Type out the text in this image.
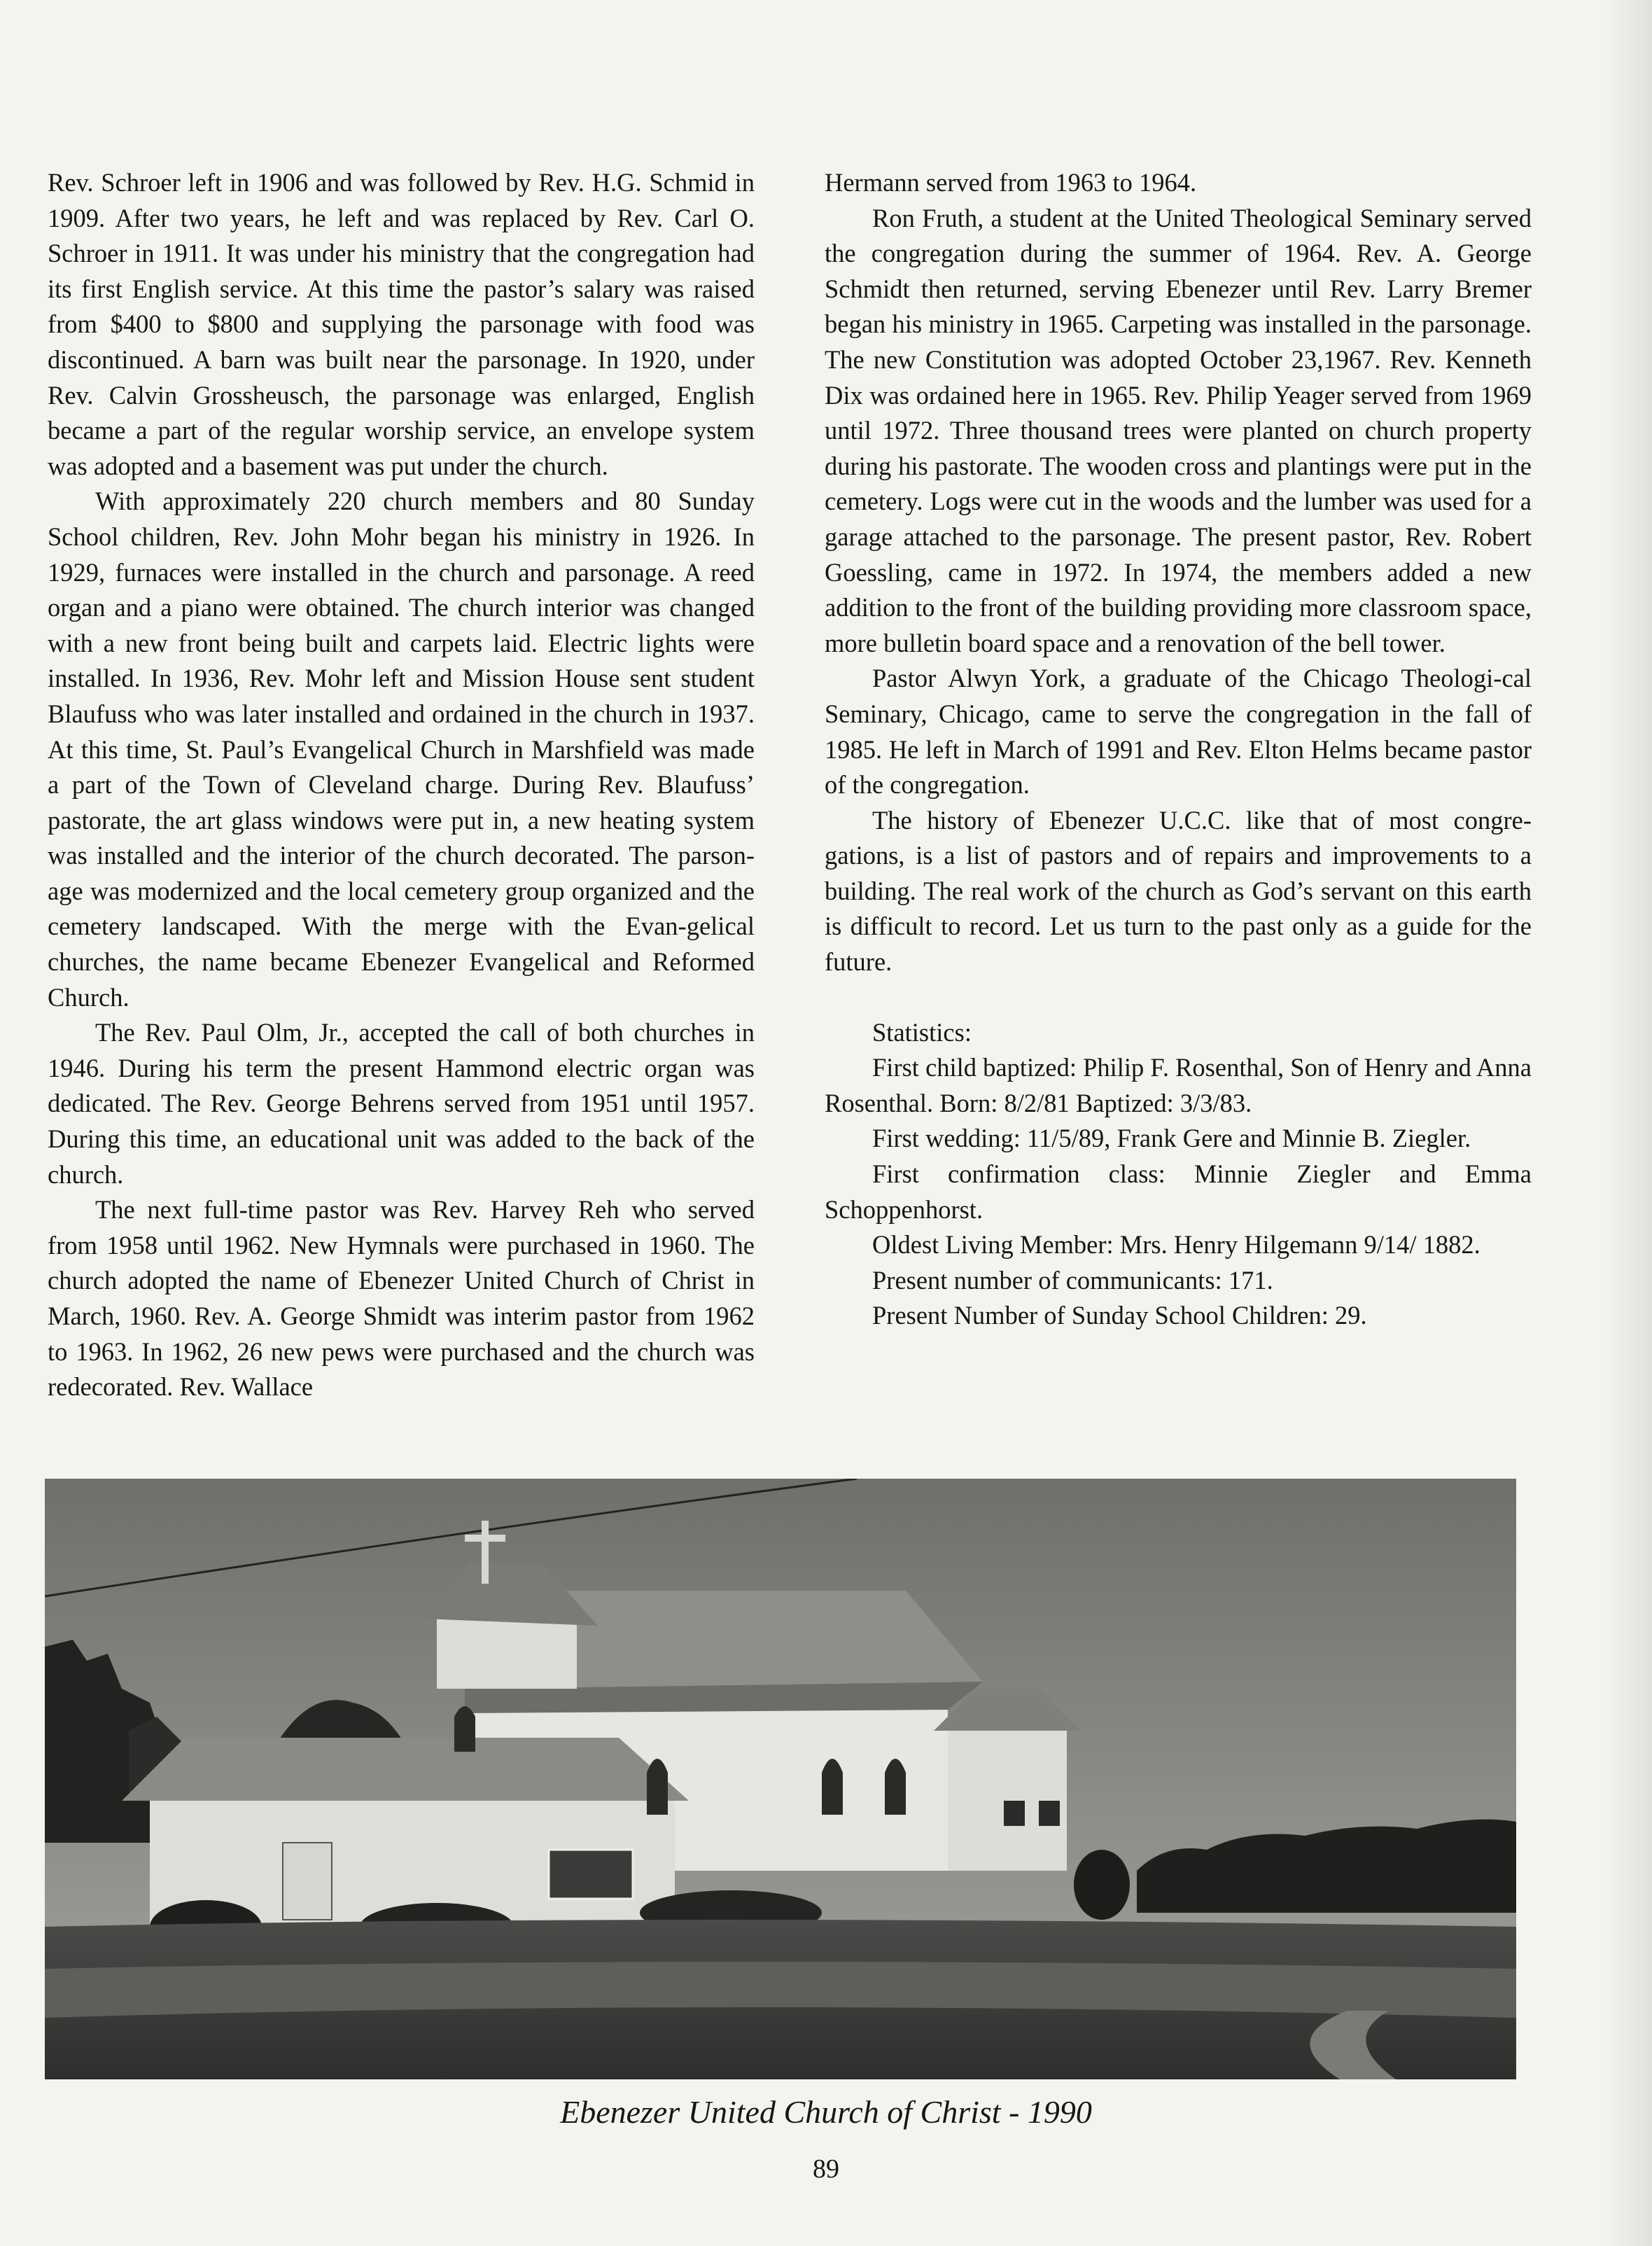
Rev. Schroer left in 1906 and was followed by Rev. H.G. Schmid in 1909. After two years, he left and was replaced by Rev. Carl O. Schroer in 1911. It was under his ministry that the congregation had its first English service. At this time the pastor’s salary was raised from $400 to $800 and supplying the parsonage with food was discontinued. A barn was built near the parsonage. In 1920, under Rev. Calvin Grossheusch, the parsonage was enlarged, English became a part of the regular worship service, an envelope system was adopted and a basement was put under the church.

With approximately 220 church members and 80 Sunday School children, Rev. John Mohr began his ministry in 1926. In 1929, furnaces were installed in the church and parsonage. A reed organ and a piano were obtained. The church interior was changed with a new front being built and carpets laid. Electric lights were installed. In 1936, Rev. Mohr left and Mission House sent student Blaufuss who was later installed and ordained in the church in 1937. At this time, St. Paul’s Evangelical Church in Marshfield was made a part of the Town of Cleveland charge. During Rev. Blaufuss’ pastorate, the art glass windows were put in, a new heating system was installed and the interior of the church decorated. The parson-age was modernized and the local cemetery group organized and the cemetery landscaped. With the merge with the Evan-gelical churches, the name became Ebenezer Evangelical and Reformed Church.

The Rev. Paul Olm, Jr., accepted the call of both churches in 1946. During his term the present Hammond electric organ was dedicated. The Rev. George Behrens served from 1951 until 1957. During this time, an educational unit was added to the back of the church.

The next full-time pastor was Rev. Harvey Reh who served from 1958 until 1962. New Hymnals were purchased in 1960. The church adopted the name of Ebenezer United Church of Christ in March, 1960. Rev. A. George Shmidt was interim pastor from 1962 to 1963. In 1962, 26 new pews were purchased and the church was redecorated. Rev. Wallace

Hermann served from 1963 to 1964.

Ron Fruth, a student at the United Theological Seminary served the congregation during the summer of 1964. Rev. A. George Schmidt then returned, serving Ebenezer until Rev. Larry Bremer began his ministry in 1965. Carpeting was installed in the parsonage. The new Constitution was adopted October 23,1967. Rev. Kenneth Dix was ordained here in 1965. Rev. Philip Yeager served from 1969 until 1972. Three thousand trees were planted on church property during his pastorate. The wooden cross and plantings were put in the cemetery. Logs were cut in the woods and the lumber was used for a garage attached to the parsonage. The present pastor, Rev. Robert Goessling, came in 1972. In 1974, the members added a new addition to the front of the building providing more classroom space, more bulletin board space and a renovation of the bell tower.

Pastor Alwyn York, a graduate of the Chicago Theologi-cal Seminary, Chicago, came to serve the congregation in the fall of 1985. He left in March of 1991 and Rev. Elton Helms became pastor of the congregation.

The history of Ebenezer U.C.C. like that of most congre-gations, is a list of pastors and of repairs and improvements to a building. The real work of the church as God’s servant on this earth is difficult to record. Let us turn to the past only as a guide for the future.

Statistics:

First child baptized: Philip F. Rosenthal, Son of Henry and Anna Rosenthal. Born: 8/2/81 Baptized: 3/3/83.

First wedding: 11/5/89, Frank Gere and Minnie B. Ziegler.

First confirmation class: Minnie Ziegler and Emma Schoppenhorst.

Oldest Living Member: Mrs. Henry Hilgemann 9/14/ 1882.

Present number of communicants: 171.

Present Number of Sunday School Children: 29.

Ebenezer United Church of Christ - 1990
89
